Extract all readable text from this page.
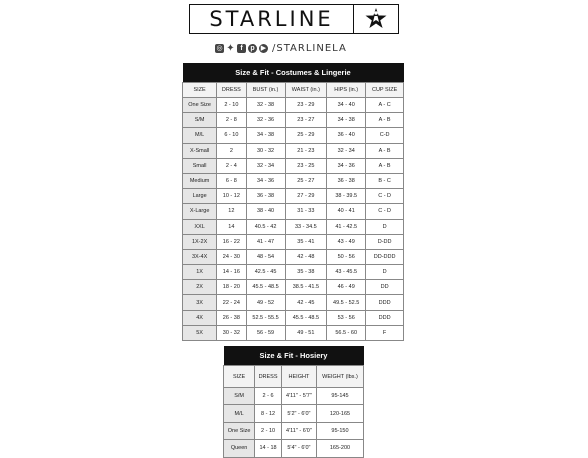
STARLINE
◎ ✦ f	p ▶ /STARLINELA
Size & Fit - Costumes & Lingerie					
SIZE	DRESS	BUST (in.)	WAIST (in.)	HIPS (in.)	CUP SIZE
One Size	2 - 10	32 - 38	23 - 29	34 - 40	A - C
S/M	2 - 8	32 - 36	23 - 27	34 - 38	A - B
M/L	6 - 10	34 - 38	25 - 29	36 - 40	C-D
X-Small	2	30 - 32	21 - 23	32 - 34	A - B
Small	2 - 4	32 - 34	23 - 25	34 - 36	A - B
Medium	6 - 8	34 - 36	25 - 27	36 - 38	B - C
Large	10 - 12	36 - 38	27 - 29	38 - 39.5	C - D
X-Large	12	38 - 40	31 - 33	40 - 41	C - D
XXL	14	40.5 - 42	33 - 34.5	41 - 42.5	D
1X-2X	16 - 22	41 - 47	35 - 41	43 - 49	D-DD
3X-4X	24 - 30	48 - 54	42 - 48	50 - 56	DD-DDD
1X	14 - 16	42.5 - 45	35 - 38	43 - 45.5	D
2X	18 - 20	45.5 - 48.5	38.5 - 41.5	46 - 49	DD
3X	22 - 24	49 - 52	42 - 45	49.5 - 52.5	DDD
4X	26 - 38	52.5 - 55.5	45.5 - 48.5	53 - 56	DDD
5X	30 - 32	56 - 59	49 - 51	56.5 - 60	F
Size & Fit - Hosiery			
SIZE	DRESS	HEIGHT	WEIGHT (lbs.)
S/M	2 - 6	4'11" - 5'7"	95-145
M/L	8 - 12	5'2" - 6'0"	120-165
One Size	2 - 10	4'11" - 6'0"	95-150
Queen	14 - 18	5'4" - 6'0"	165-200
